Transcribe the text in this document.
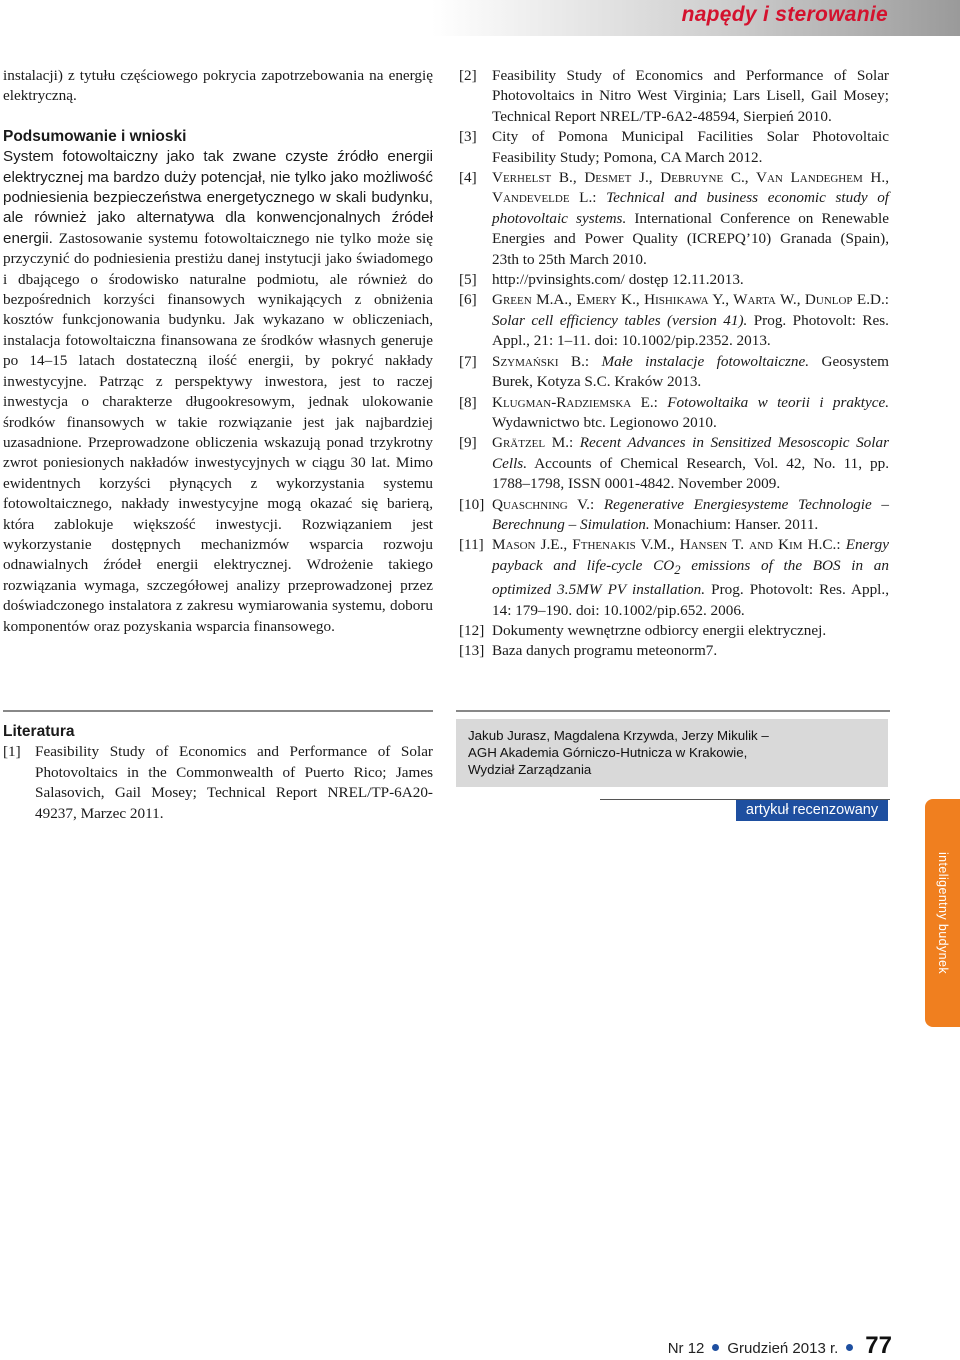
napędy i sterowanie

instalacji) z tytułu częściowego pokrycia zapotrzebowania na energię elektryczną.

Podsumowanie i wnioski

System fotowoltaiczny jako tak zwane czyste źródło energii elektrycznej ma bardzo duży potencjał, nie tylko jako możliwość podniesienia bezpieczeństwa energetycznego w skali budynku, ale również jako alternatywa dla konwencjonalnych źródeł energii. Zastosowanie systemu fotowoltaicznego nie tylko może się przyczynić do podniesienia prestiżu danej instytucji jako świadomego i dbającego o środowisko naturalne podmiotu, ale również do bezpośrednich korzyści finansowych wynikających z obniżenia kosztów funkcjonowania budynku. Jak wykazano w obliczeniach, instalacja fotowoltaiczna finansowana ze środków własnych generuje po 14–15 latach dostateczną ilość energii, by pokryć nakłady inwestycyjne. Patrząc z perspektywy inwestora, jest to raczej inwestycja o charakterze długookresowym, jednak ulokowanie środków finansowych w takie rozwiązanie jest jak najbardziej uzasadnione. Przeprowadzone obliczenia wskazują ponad trzykrotny zwrot poniesionych nakładów inwestycyjnych w ciągu 30 lat. Mimo ewidentnych korzyści płynących z wykorzystania systemu fotowoltaicznego, nakłady inwestycyjne mogą okazać się barierą, która zablokuje większość inwestycji. Rozwiązaniem jest wykorzystanie dostępnych mechanizmów wsparcia rozwoju odnawialnych źródeł energii elektrycznej. Wdrożenie takiego rozwiązania wymaga, szczegółowej analizy przeprowadzonej przez doświadczonego instalatora z zakresu wymiarowania systemu, doboru komponentów oraz pozyskania wsparcia finansowego.

Literatura
[1] Feasibility Study of Economics and Performance of Solar Photovoltaics in the Commonwealth of Puerto Rico; James Salasovich, Gail Mosey; Technical Report NREL/TP-6A20-49237, Marzec 2011.
[2]	Feasibility Study of Economics and Performance of Solar Photovoltaics in Nitro West Virginia; Lars Lisell, Gail Mosey; Technical Report NREL/TP-6A2-48594, Sierpień 2010.
[3]	City of Pomona Municipal Facilities Solar Photovoltaic Feasibility Study; Pomona, CA March 2012.
[4]	Verhelst B., Desmet J., Debruyne C., Van Landeghem H., Vandevelde L.: Technical and business economic study of photovoltaic systems. International Conference on Renewable Energies and Power Quality (ICREPQ’10) Granada (Spain), 23th to 25th March 2010.
[5]	http://pvinsights.com/ dostęp 12.11.2013.
[6]	Green M.A., Emery K., Hishikawa Y., Warta W., Dunlop E.D.: Solar cell efficiency tables (version 41). Prog. Photovolt: Res. Appl., 21: 1–11. doi: 10.1002/pip.2352. 2013.
[7]	Szymański B.: Małe instalacje fotowoltaiczne. Geosystem Burek, Kotyza S.C. Kraków 2013.
[8]	Klugman-Radziemska E.: Fotowoltaika w teorii i praktyce. Wydawnictwo btc. Legionowo 2010.
[9]	Grätzel M.: Recent Advances in Sensitized Mesoscopic Solar Cells. Accounts of Chemical Research, Vol. 42, No. 11, pp. 1788–1798, ISSN 0001-4842. November 2009.
[10] Quaschning V.: Regenerative Energiesysteme Technologie – Berechnung – Simulation. Monachium: Hanser. 2011.
[11] Mason J.E., Fthenakis V.M., Hansen T. and Kim H.C.: Energy payback and life-cycle $CO_2$ emissions of the BOS in an optimized 3.5MW PV installation. Prog. Photovolt: Res. Appl., 14: 179–190. doi: 10.1002/pip.652. 2006.
[12] Dokumenty wewnętrzne odbiorcy energii elektrycznej.
[13] Baza danych programu meteonorm7.
Jakub Jurasz, Magdalena Krzywda, Jerzy Mikulik –
AGH Akademia Górniczo-Hutnicza w Krakowie,
Wydział Zarządzania
artykuł recenzowany
inteligentny budynek
Nr 12 Grudzień 2013 r. 77
